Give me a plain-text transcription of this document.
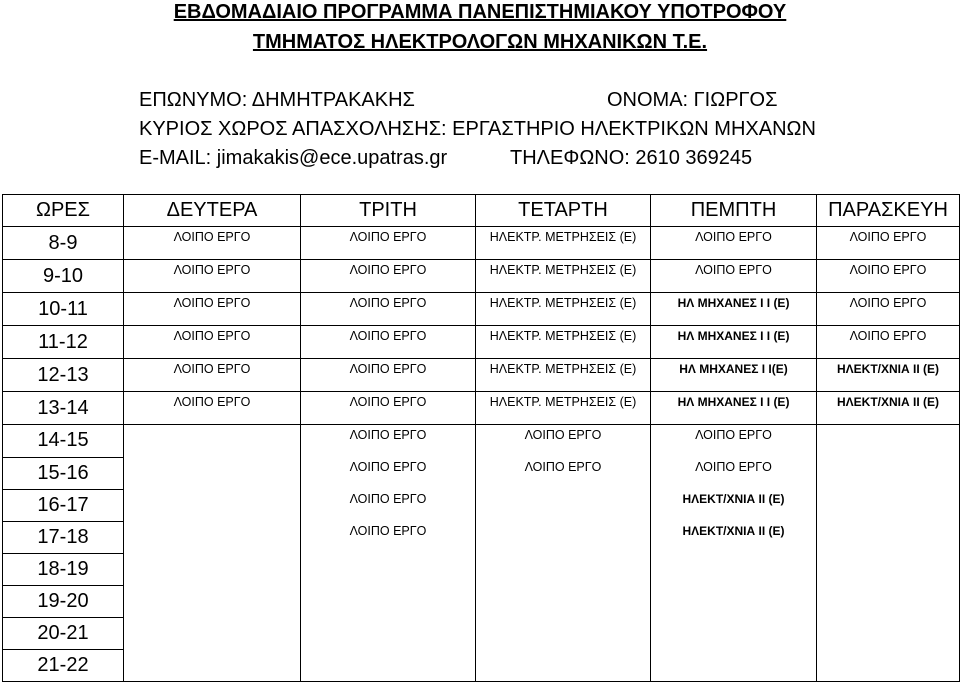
ΕΒΔΟΜΑΔΙΑΙΟ ΠΡΟΓΡΑΜΜΑ ΠΑΝΕΠΙΣΤΗΜΙΑΚΟΥ ΥΠΟΤΡΟΦΟΥ
ΤΜΗΜΑΤΟΣ ΗΛΕΚΤΡΟΛΟΓΩΝ ΜΗΧΑΝΙΚΩΝ Τ.Ε.
ΕΠΩΝΥΜΟ: ΔΗΜΗΤΡΑΚΑΚΗΣ	ΟΝΟΜΑ: ΓΙΩΡΓΟΣ
ΚΥΡΙΟΣ ΧΩΡΟΣ ΑΠΑΣΧΟΛΗΣΗΣ: ΕΡΓΑΣΤΗΡΙΟ ΗΛΕΚΤΡΙΚΩΝ ΜΗΧΑΝΩΝ
E-MAIL: jimakakis@ece.upatras.gr	ΤΗΛΕΦΩΝΟ: 2610 369245
ΩΡΕΣ	ΔΕΥΤΕΡΑ	ΤΡΙΤΗ	ΤΕΤΑΡΤΗ	ΠΕΜΠΤΗ	ΠΑΡΑΣΚΕΥΗ
8-9	ΛΟΙΠΟ ΕΡΓΟ	ΛΟΙΠΟ ΕΡΓΟ	ΗΛΕΚΤΡ. ΜΕΤΡΗΣΕΙΣ (Ε)	ΛΟΙΠΟ ΕΡΓΟ	ΛΟΙΠΟ ΕΡΓΟ
9-10	ΛΟΙΠΟ ΕΡΓΟ	ΛΟΙΠΟ ΕΡΓΟ	ΗΛΕΚΤΡ. ΜΕΤΡΗΣΕΙΣ (Ε)	ΛΟΙΠΟ ΕΡΓΟ	ΛΟΙΠΟ ΕΡΓΟ
10-11	ΛΟΙΠΟ ΕΡΓΟ	ΛΟΙΠΟ ΕΡΓΟ	ΗΛΕΚΤΡ. ΜΕΤΡΗΣΕΙΣ (Ε)	ΗΛ ΜΗΧΑΝΕΣ Ι Ι (Ε)	ΛΟΙΠΟ ΕΡΓΟ
11-12	ΛΟΙΠΟ ΕΡΓΟ	ΛΟΙΠΟ ΕΡΓΟ	ΗΛΕΚΤΡ. ΜΕΤΡΗΣΕΙΣ (Ε)	ΗΛ ΜΗΧΑΝΕΣ Ι Ι (Ε)	ΛΟΙΠΟ ΕΡΓΟ
12-13	ΛΟΙΠΟ ΕΡΓΟ	ΛΟΙΠΟ ΕΡΓΟ	ΗΛΕΚΤΡ. ΜΕΤΡΗΣΕΙΣ (Ε)	ΗΛ ΜΗΧΑΝΕΣ Ι Ι(Ε)	ΗΛΕΚΤ/ΧΝΙΑ ΙΙ (Ε)
13-14	ΛΟΙΠΟ ΕΡΓΟ	ΛΟΙΠΟ ΕΡΓΟ	ΗΛΕΚΤΡ. ΜΕΤΡΗΣΕΙΣ (Ε)	ΗΛ ΜΗΧΑΝΕΣ Ι Ι (Ε)	ΗΛΕΚΤ/ΧΝΙΑ ΙΙ (Ε)
14-15		ΛΟΙΠΟ ΕΡΓΟ	ΛΟΙΠΟ ΕΡΓΟ	ΛΟΙΠΟ ΕΡΓΟ	
15-16		ΛΟΙΠΟ ΕΡΓΟ	ΛΟΙΠΟ ΕΡΓΟ	ΛΟΙΠΟ ΕΡΓΟ	
16-17		ΛΟΙΠΟ ΕΡΓΟ		ΗΛΕΚΤ/ΧΝΙΑ ΙΙ (Ε)	
17-18		ΛΟΙΠΟ ΕΡΓΟ		ΗΛΕΚΤ/ΧΝΙΑ ΙΙ (Ε)	
18-19					
19-20					
20-21					
21-22					
